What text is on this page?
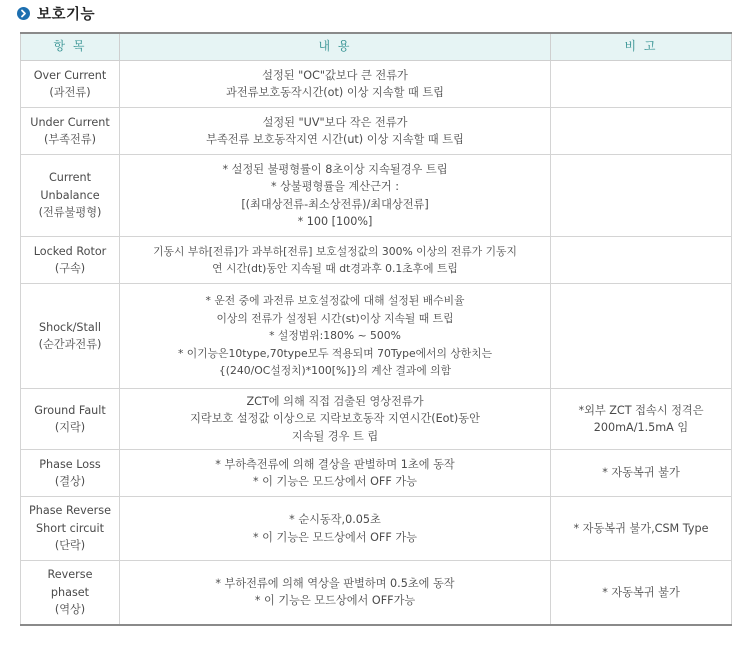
보호기능
항 목	내 용	비 고

Over Current
(과전류)	설정된 "OC"값보다 큰 전류가
과전류보호동작시간(ot) 이상 지속할 때 트립	

Under Current
(부족전류)	설정된 "UV"보다 작은 전류가
부족전류 보호동작지연 시간(ut) 이상 지속할 때 트립	

Current
Unbalance
(전류불평형)	* 설정된 불평형률이 8초이상 지속될경우 트립
* 상불평형률을 계산근거 :
[(최대상전류-최소상전류)/최대상전류]
* 100 [100%]	

Locked Rotor
(구속)	기동시 부하[전류]가 과부하[전류] 보호설정값의 300% 이상의 전류가 기동지
연 시간(dt)동안 지속될 때 dt경과후 0.1초후에 트립	

Shock/Stall
(순간과전류)	* 운전 중에 과전류 보호설정값에 대해 설정된 배수비율
이상의 전류가 설정된 시간(st)이상 지속될 때 트립
* 설정범위:180% ~ 500%
* 이기능은10type,70type모두 적용되며 70Type에서의 상한치는
{(240/OC설정치)*100[%]}의 계산 결과에 의함	

Ground Fault
(지락)	ZCT에 의해 직접 검출된 영상전류가
지락보호 설정값 이상으로 지락보호동작 지연시간(Eot)동안
지속될 경우 트 립	*외부 ZCT 접속시 정격은
200mA/1.5mA 임

Phase Loss
(결상)	* 부하측전류에 의해 결상을 판별하며 1초에 동작
* 이 기능은 모드상에서 OFF 가능	* 자동복귀 불가

Phase Reverse
Short circuit
(단락)	* 순시동작,0.05초
* 이 기능은 모드상에서 OFF 가능	* 자동복귀 불가,CSM Type

Reverse
phaset
(역상)	* 부하전류에 의해 역상을 판별하며 0.5초에 동작
* 이 기능은 모드상에서 OFF가능	* 자동복귀 불가
